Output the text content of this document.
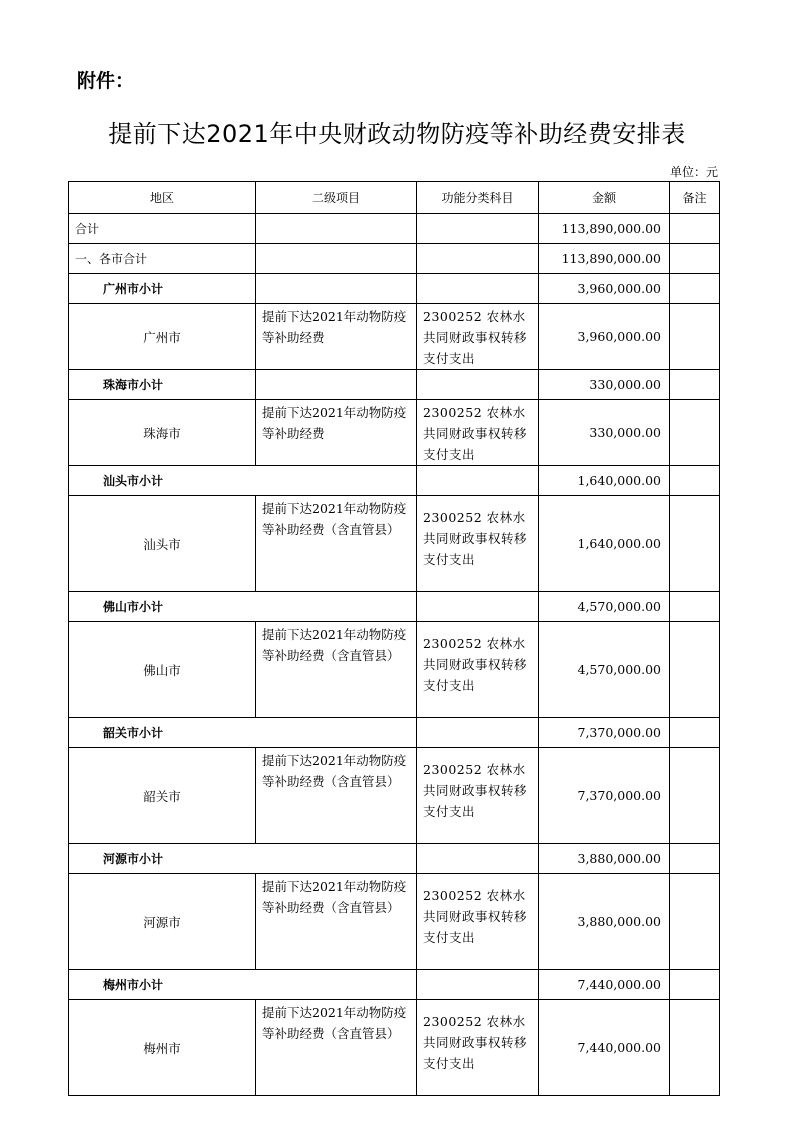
附件：
提前下达2021年中央财政动物防疫等补助经费安排表
单位：元
地区	二级项目	功能分类科目	金额	备注
合计			113,890,000.00	
一、各市合计			113,890,000.00	
广州市小计			3,960,000.00	
广州市	提前下达2021年动物防疫等补助经费	2300252 农林水共同财政事权转移支付支出	3,960,000.00	
珠海市小计			330,000.00	
珠海市	提前下达2021年动物防疫等补助经费	2300252 农林水共同财政事权转移支付支出	330,000.00	
汕头市小计			1,640,000.00	
汕头市	提前下达2021年动物防疫等补助经费（含直管县）	2300252 农林水共同财政事权转移支付支出	1,640,000.00	
佛山市小计			4,570,000.00	
佛山市	提前下达2021年动物防疫等补助经费（含直管县）	2300252 农林水共同财政事权转移支付支出	4,570,000.00	
韶关市小计			7,370,000.00	
韶关市	提前下达2021年动物防疫等补助经费（含直管县）	2300252 农林水共同财政事权转移支付支出	7,370,000.00	
河源市小计			3,880,000.00	
河源市	提前下达2021年动物防疫等补助经费（含直管县）	2300252 农林水共同财政事权转移支付支出	3,880,000.00	
梅州市小计			7,440,000.00	
梅州市	提前下达2021年动物防疫等补助经费（含直管县）	2300252 农林水共同财政事权转移支付支出	7,440,000.00	
